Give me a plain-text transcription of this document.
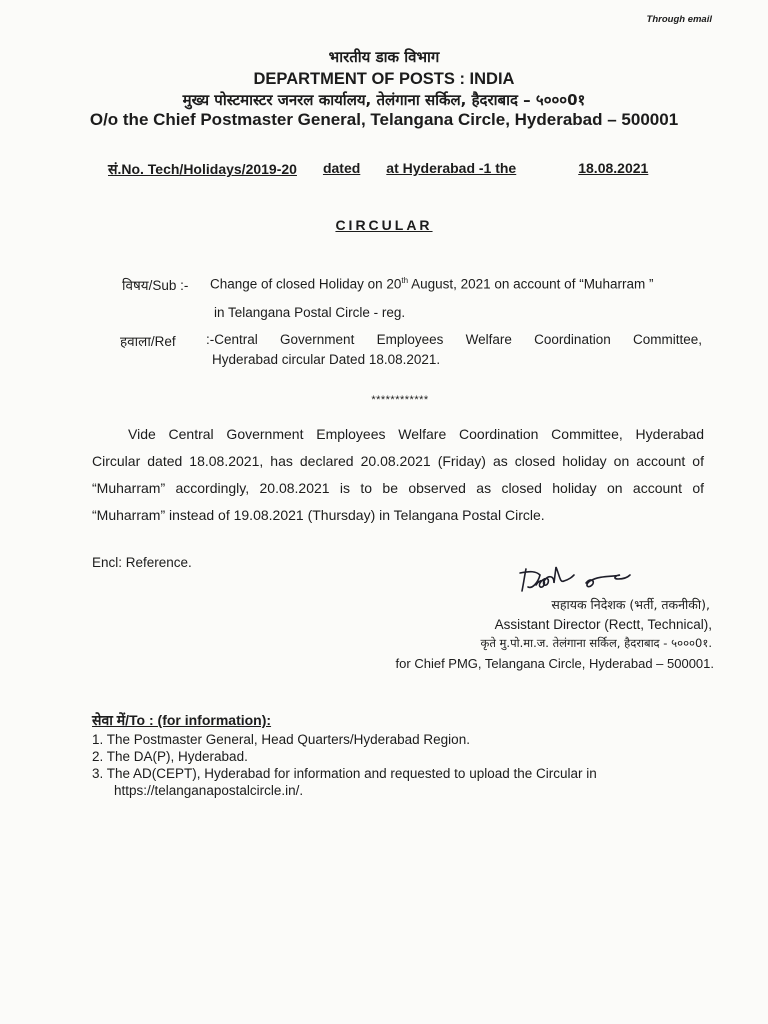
Through email
भारतीय डाक विभाग
DEPARTMENT OF POSTS : INDIA
मुख्य पोस्टमास्टर जनरल कार्यालय, तेलंगाना सर्किल, हैदराबाद – ५०००0१
O/o the Chief Postmaster General, Telangana Circle, Hyderabad – 500001
सं.No. Tech/Holidays/2019-20 dated at Hyderabad -1 the	18.08.2021
CIRCULAR
विषय/Sub :- Change of closed Holiday on 20th August, 2021 on account of “Muharram ”
in Telangana Postal Circle - reg.
हवाला/Ref :-Central Government Employees Welfare Coordination Committee,
Hyderabad circular Dated 18.08.2021.
************
Vide Central Government Employees Welfare Coordination Committee, Hyderabad
Circular dated 18.08.2021, has declared 20.08.2021 (Friday) as closed holiday on account of
“Muharram” accordingly, 20.08.2021 is to be observed as closed holiday on account of
“Muharram” instead of 19.08.2021 (Thursday) in Telangana Postal Circle.
Encl: Reference.
सहायक निदेशक (भर्ती, तकनीकी),
Assistant Director (Rectt, Technical),
कृते मु.पो.मा.ज. तेलंगाना सर्किल, हैदराबाद - ५०००0१.
for Chief PMG, Telangana Circle, Hyderabad – 500001.
सेवा में/To : (for information):
1. The Postmaster General, Head Quarters/Hyderabad Region.
2. The DA(P), Hyderabad.
3. The AD(CEPT), Hyderabad for information and requested to upload the Circular in
https://telanganapostalcircle.in/.
